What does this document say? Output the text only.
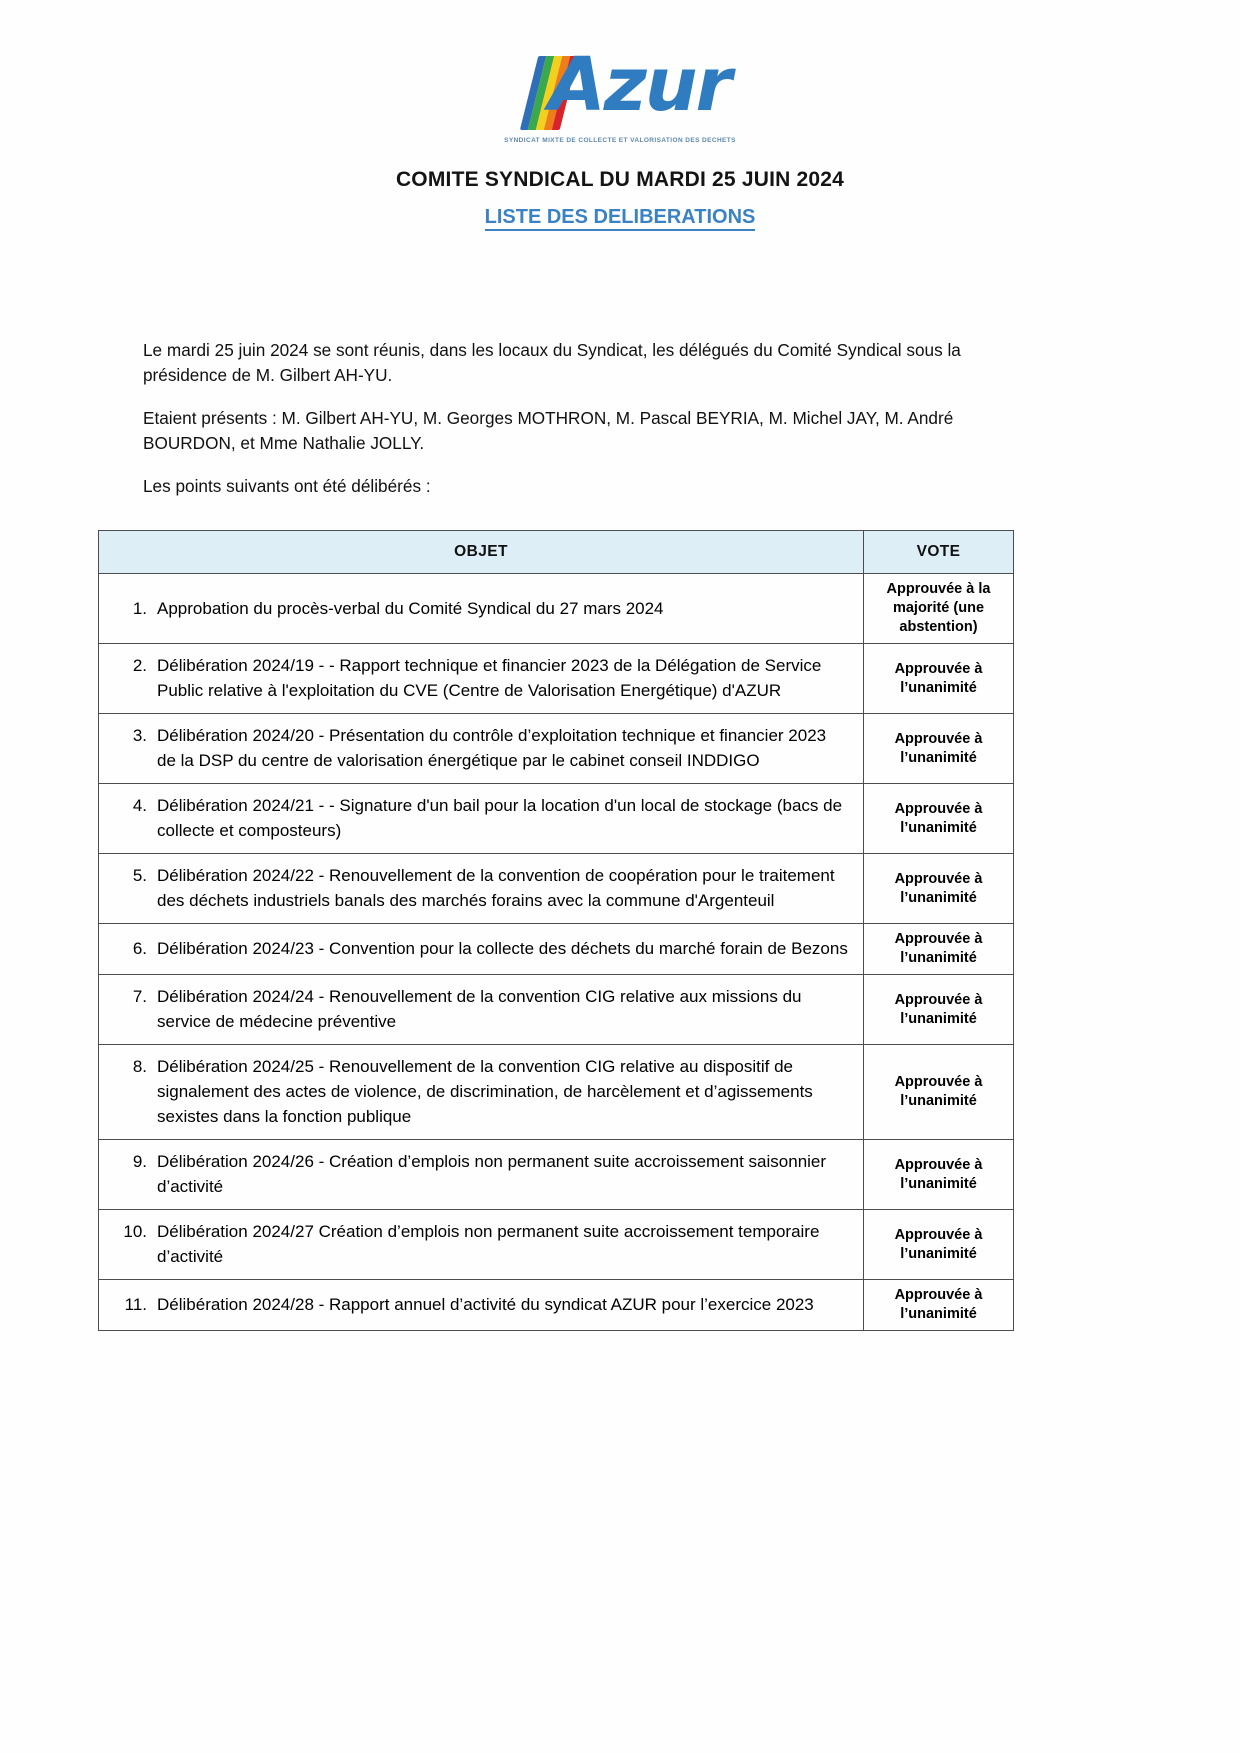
Azur
SYNDICAT MIXTE DE COLLECTE ET VALORISATION DES DECHETS
COMITE SYNDICAL DU MARDI 25 JUIN 2024
LISTE DES DELIBERATIONS

Le mardi 25 juin 2024 se sont réunis, dans les locaux du Syndicat, les délégués du Comité Syndical sous la présidence de M. Gilbert AH-YU.

Etaient présents : M. Gilbert AH-YU, M. Georges MOTHRON, M. Pascal BEYRIA, M. Michel JAY, M. André BOURDON, et Mme Nathalie JOLLY.

Les points suivants ont été délibérés :

OBJET	VOTE

1. Approbation du procès-verbal du Comité Syndical du 27 mars 2024	Approuvée à la majorité (une abstention)

2. Délibération 2024/19 - - Rapport technique et financier 2023 de la Délégation de Service Public relative à l'exploitation du CVE (Centre de Valorisation Energétique) d'AZUR	Approuvée à l’unanimité

3. Délibération 2024/20 - Présentation du contrôle d’exploitation technique et financier 2023 de la DSP du centre de valorisation énergétique par le cabinet conseil INDDIGO	Approuvée à l’unanimité

4. Délibération 2024/21 - - Signature d'un bail pour la location d'un local de stockage (bacs de collecte et composteurs)	Approuvée à l’unanimité

5. Délibération 2024/22 - Renouvellement de la convention de coopération pour le traitement des déchets industriels banals des marchés forains avec la commune d'Argenteuil	Approuvée à l’unanimité

6. Délibération 2024/23 - Convention pour la collecte des déchets du marché forain de Bezons	Approuvée à l’unanimité

7. Délibération 2024/24 - Renouvellement de la convention CIG relative aux missions du service de médecine préventive	Approuvée à l’unanimité

8. Délibération 2024/25 - Renouvellement de la convention CIG relative au dispositif de signalement des actes de violence, de discrimination, de harcèlement et d’agissements sexistes dans la fonction publique	Approuvée à l’unanimité

9. Délibération 2024/26 - Création d’emplois non permanent suite accroissement saisonnier d’activité	Approuvée à l’unanimité

10. Délibération 2024/27 Création d’emplois non permanent suite accroissement temporaire d’activité	Approuvée à l’unanimité

11. Délibération 2024/28 - Rapport annuel d’activité du syndicat AZUR pour l’exercice 2023	Approuvée à l’unanimité
